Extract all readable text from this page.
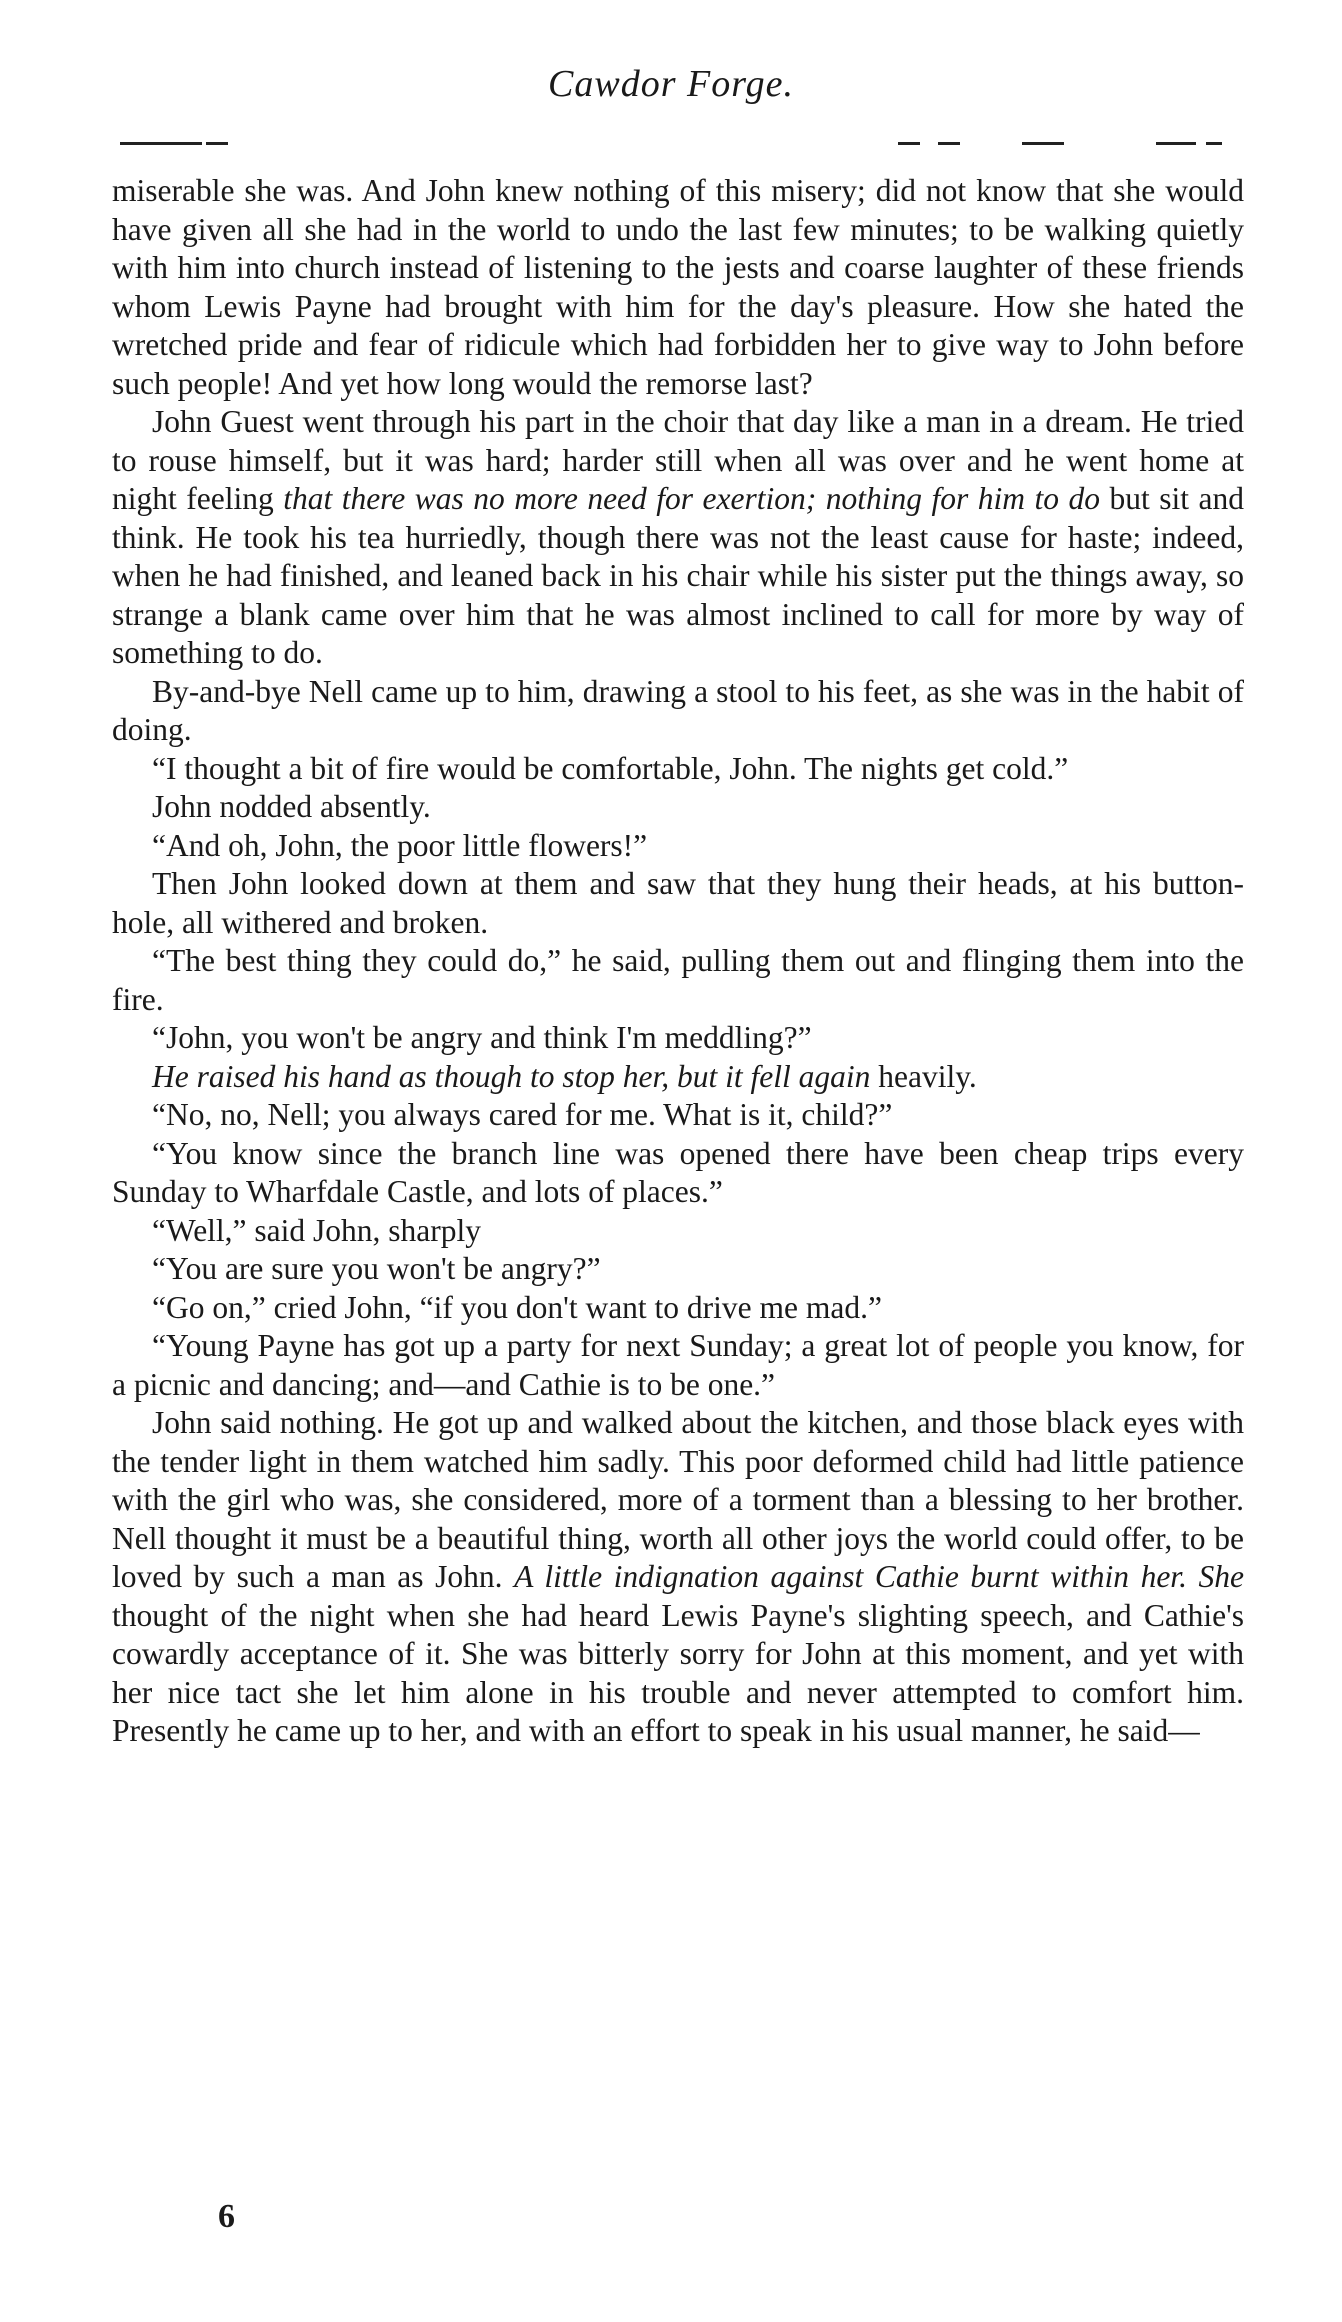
Cawdor Forge.

miserable she was. And John knew nothing of this misery; did not know that she would have given all she had in the world to undo the last few minutes; to be walking quietly with him into church instead of listening to the jests and coarse laughter of these friends whom Lewis Payne had brought with him for the day's pleasure. How she hated the wretched pride and fear of ridicule which had forbidden her to give way to John before such people! And yet how long would the remorse last?

John Guest went through his part in the choir that day like a man in a dream. He tried to rouse himself, but it was hard; harder still when all was over and he went home at night feeling that there was no more need for exertion; nothing for him to do but sit and think. He took his tea hurriedly, though there was not the least cause for haste; indeed, when he had finished, and leaned back in his chair while his sister put the things away, so strange a blank came over him that he was almost inclined to call for more by way of something to do.

By-and-bye Nell came up to him, drawing a stool to his feet, as she was in the habit of doing.

“I thought a bit of fire would be comfortable, John. The nights get cold.”

John nodded absently.

“And oh, John, the poor little flowers!”

Then John looked down at them and saw that they hung their heads, at his button-hole, all withered and broken.

“The best thing they could do,” he said, pulling them out and flinging them into the fire.

“John, you won't be angry and think I'm meddling?”

He raised his hand as though to stop her, but it fell again heavily.

“No, no, Nell; you always cared for me. What is it, child?”

“You know since the branch line was opened there have been cheap trips every Sunday to Wharfdale Castle, and lots of places.”

“Well,” said John, sharply

“You are sure you won't be angry?”

“Go on,” cried John, “if you don't want to drive me mad.”

“Young Payne has got up a party for next Sunday; a great lot of people you know, for a picnic and dancing; and—and Cathie is to be one.”

John said nothing. He got up and walked about the kitchen, and those black eyes with the tender light in them watched him sadly. This poor deformed child had little patience with the girl who was, she considered, more of a torment than a blessing to her brother. Nell thought it must be a beautiful thing, worth all other joys the world could offer, to be loved by such a man as John. A little indignation against Cathie burnt within her. She thought of the night when she had heard Lewis Payne's slighting speech, and Cathie's cowardly acceptance of it. She was bitterly sorry for John at this moment, and yet with her nice tact she let him alone in his trouble and never attempted to comfort him. Presently he came up to her, and with an effort to speak in his usual manner, he said—

6
